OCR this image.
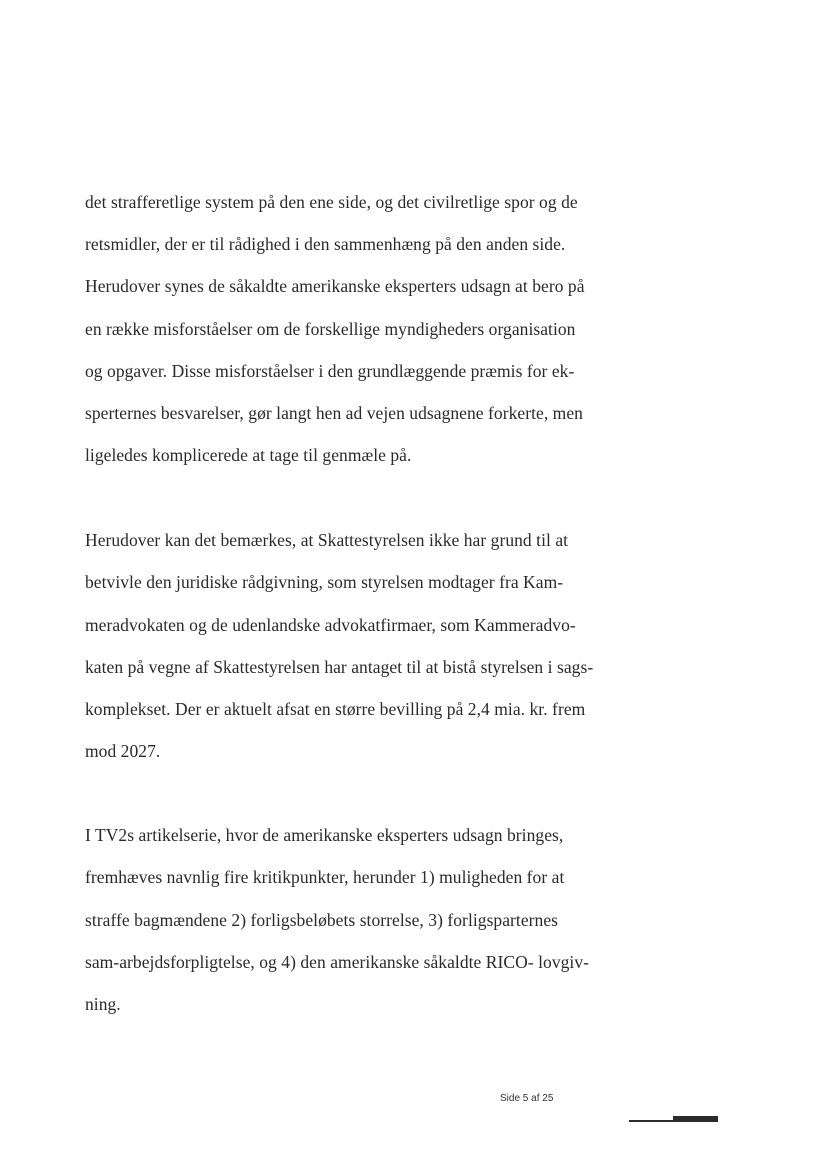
det strafferetlige system på den ene side, og det civilretlige spor og de
retsmidler, der er til rådighed i den sammenhæng på den anden side.
Herudover synes de såkaldte amerikanske eksperters udsagn at bero på
en række misforståelser om de forskellige myndigheders organisation
og opgaver. Disse misforståelser i den grundlæggende præmis for ek-
sperternes besvarelser, gør langt hen ad vejen udsagnene forkerte, men
ligeledes komplicerede at tage til genmæle på.
Herudover kan det bemærkes, at Skattestyrelsen ikke har grund til at
betvivle den juridiske rådgivning, som styrelsen modtager fra Kam-
meradvokaten og de udenlandske advokatfirmaer, som Kammeradvo-
katen på vegne af Skattestyrelsen har antaget til at bistå styrelsen i sags-
komplekset. Der er aktuelt afsat en større bevilling på 2,4 mia. kr. frem
mod 2027.
I TV2s artikelserie, hvor de amerikanske eksperters udsagn bringes,
fremhæves navnlig fire kritikpunkter, herunder 1) muligheden for at
straffe bagmændene 2) forligsbeløbets storrelse, 3) forligsparternes
sam-arbejdsforpligtelse, og 4) den amerikanske såkaldte RICO- lovgiv-
ning.
Side 5 af 25
